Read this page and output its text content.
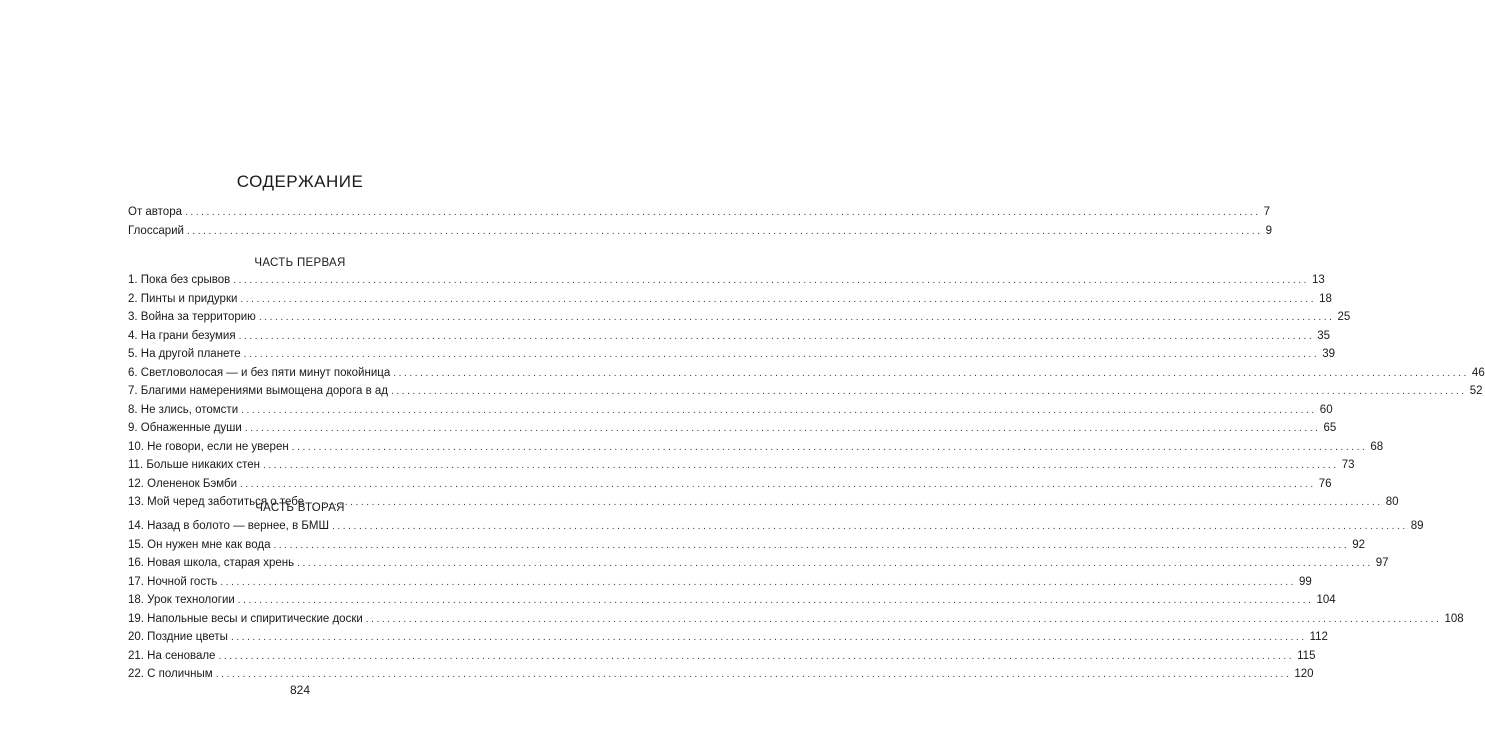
СОДЕРЖАНИЕ
От автора ........................................................................................................................................................................................................ 7
Глоссарий ........................................................................................................................................................................................................ 9
ЧАСТЬ ПЕРВАЯ
1. Пока без срывов ........................................................................................................................................................................................................ 13
2. Пинты и придурки ........................................................................................................................................................................................................ 18
3. Война за территорию ........................................................................................................................................................................................................ 25
4. На грани безумия ........................................................................................................................................................................................................ 35
5. На другой планете ........................................................................................................................................................................................................ 39
6. Светловолосая — и без пяти минут покойница ........................................................................................................................................................................................................ 46
7. Благими намерениями вымощена дорога в ад ........................................................................................................................................................................................................ 52
8. Не злись, отомсти ........................................................................................................................................................................................................ 60
9. Обнаженные души ........................................................................................................................................................................................................ 65
10. Не говори, если не уверен ........................................................................................................................................................................................................ 68
11. Больше никаких стен ........................................................................................................................................................................................................ 73
12. Олененок Бэмби ........................................................................................................................................................................................................ 76
13. Мой черед заботиться о тебе ........................................................................................................................................................................................................ 80
ЧАСТЬ ВТОРАЯ
14. Назад в болото — вернее, в БМШ ........................................................................................................................................................................................................ 89
15. Он нужен мне как вода ........................................................................................................................................................................................................ 92
16. Новая школа, старая хрень ........................................................................................................................................................................................................ 97
17. Ночной гость ........................................................................................................................................................................................................ 99
18. Урок технологии ........................................................................................................................................................................................................ 104
19. Напольные весы и спиритические доски ........................................................................................................................................................................................................ 108
20. Поздние цветы ........................................................................................................................................................................................................ 112
21. На сеновале ........................................................................................................................................................................................................ 115
22. С поличным ........................................................................................................................................................................................................ 120
824
